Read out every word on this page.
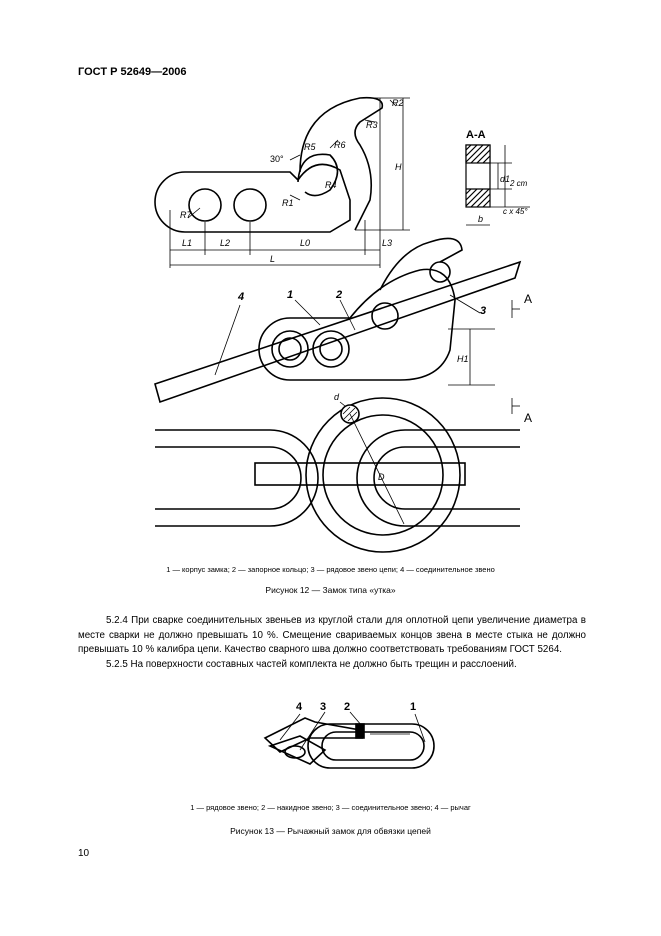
ГОСТ Р 52649—2006
R2
R3
R5 R6
R4
R1
R7
H
30°
L1	L2	L0	L3
L
А-А
d1 2 cm
c x 45°
b
4	1	2
3
A
A
H1
d
D
1 — корпус замка; 2 — запорное кольцо; 3 — рядовое звено цепи; 4 — соединительное звено
Рисунок 12 — Замок типа «утка»

5.2.4 При сварке соединительных звеньев из круглой стали для оплотной цепи увеличение диаметра в месте сварки не должно превышать 10 %. Смещение свариваемых концов звена в месте стыка не должно превышать 10 % калибра цепи. Качество сварного шва должно соответствовать требованиям ГОСТ 5264.

5.2.5 На поверхности составных частей комплекта не должно быть трещин и расслоений.

4 3 2	1
1 — рядовое звено; 2 — накидное звено; 3 — соединительное звено; 4 — рычаг
Рисунок 13 — Рычажный замок для обвязки цепей
10
